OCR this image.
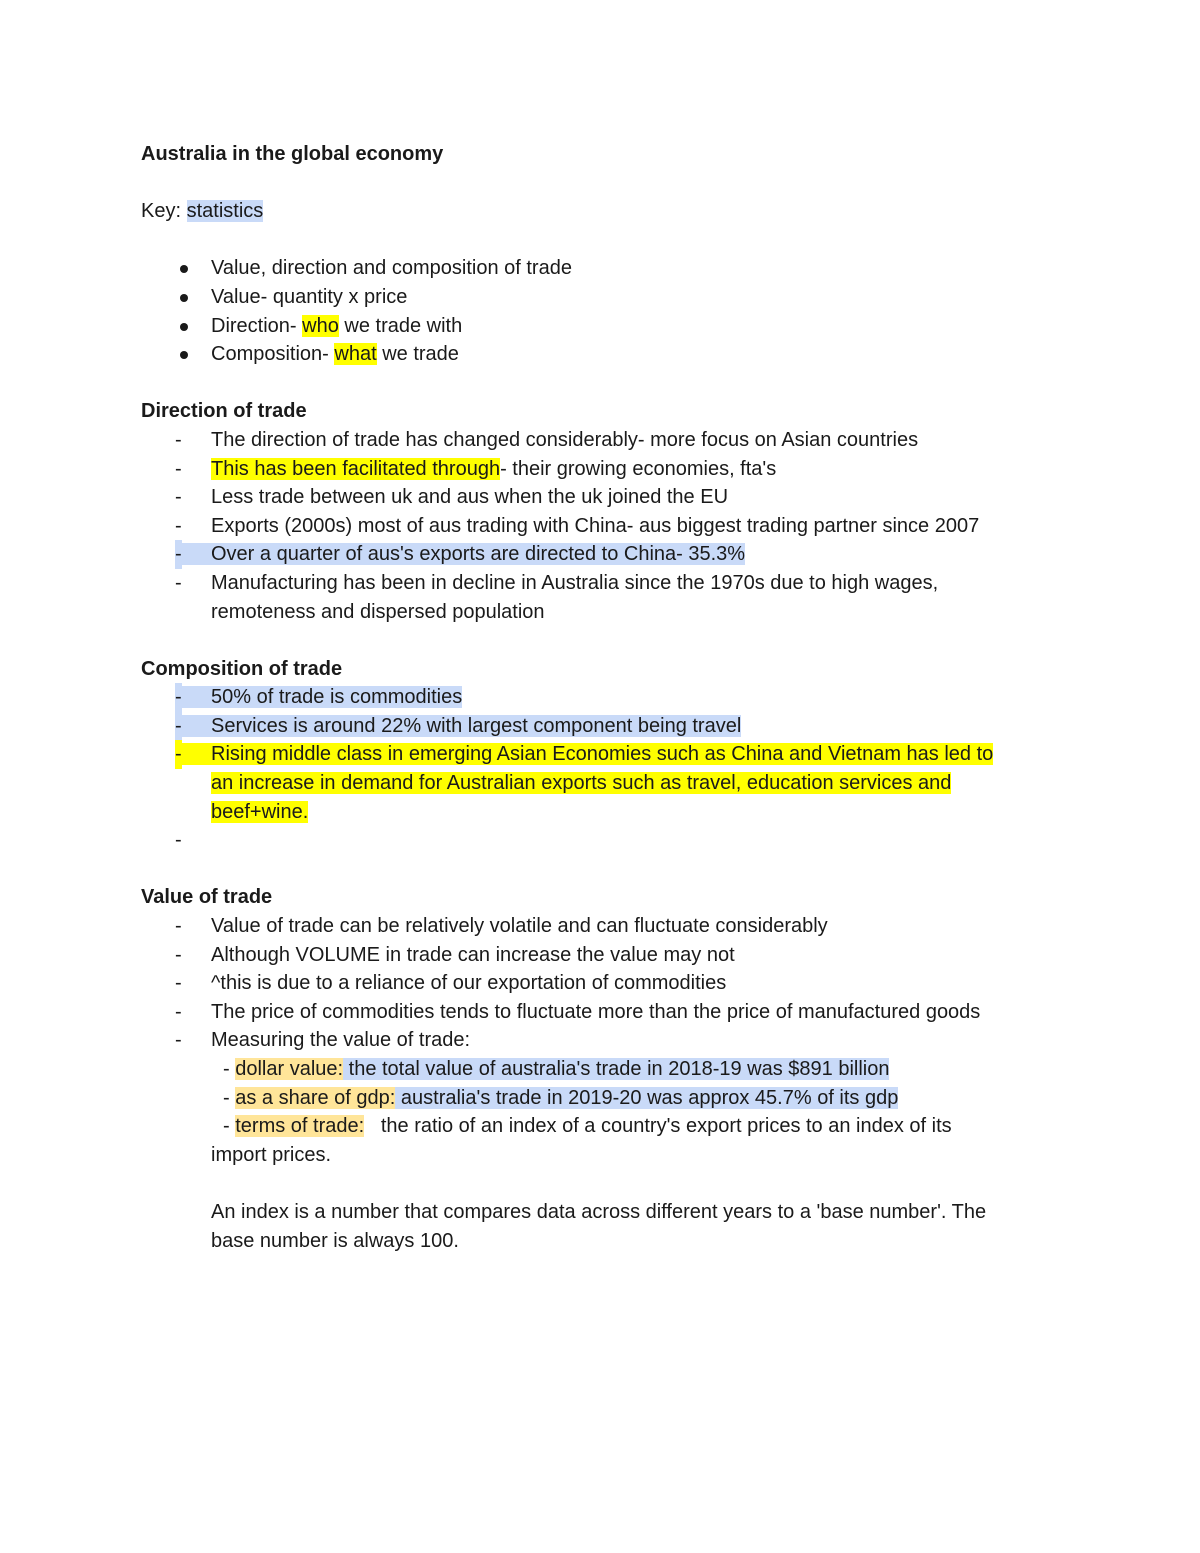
Australia in the global economy
Key: statistics
Value, direction and composition of trade
Value- quantity x price
Direction- who we trade with
Composition- what we trade
Direction of trade
- The direction of trade has changed considerably- more focus on Asian countries
- This has been facilitated through- their growing economies, fta's
- Less trade between uk and aus when the uk joined the EU
- Exports (2000s) most of aus trading with China- aus biggest trading partner since 2007
- Over a quarter of aus's exports are directed to China- 35.3%
- Manufacturing has been in decline in Australia since the 1970s due to high wages,
remoteness and dispersed population
Composition of trade
- 50% of trade is commodities
- Services is around 22% with largest component being travel
- Rising middle class in emerging Asian Economies such as China and Vietnam has led to
an increase in demand for Australian exports such as travel, education services and
beef+wine.
-
Value of trade
- Value of trade can be relatively volatile and can fluctuate considerably
- Although VOLUME in trade can increase the value may not
- ^this is due to a reliance of our exportation of commodities
- The price of commodities tends to fluctuate more than the price of manufactured goods
- Measuring the value of trade:
- dollar value: the total value of australia's trade in 2018-19 was $891 billion
- as a share of gdp: australia's trade in 2019-20 was approx 45.7% of its gdp
- terms of trade:   the ratio of an index of a country's export prices to an index of its
import prices.
An index is a number that compares data across different years to a 'base number'. The
base number is always 100.
